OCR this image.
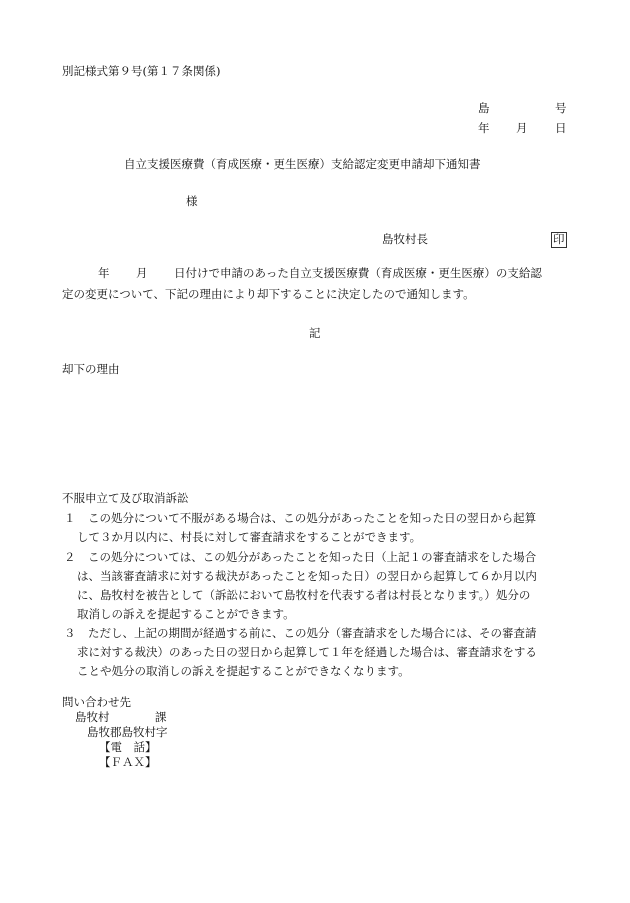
別記様式第９号(第１７条関係)
島	号
年 月 日
自立支援医療費（育成医療・更生医療）支給認定変更申請却下通知書
様
島牧村長	印
年 月 日付けで申請のあった自立支援医療費（育成医療・更生医療）の支給認
定の変更について、下記の理由により却下することに決定したので通知します。
記
却下の理由
不服申立て及び取消訴訟
１ この処分について不服がある場合は、この処分があったことを知った日の翌日から起算
して３か月以内に、村長に対して審査請求をすることができます。
２ この処分については、この処分があったことを知った日（上記１の審査請求をした場合
は、当該審査請求に対する裁決があったことを知った日）の翌日から起算して６か月以内
に、島牧村を被告として（訴訟において島牧村を代表する者は村長となります。）処分の
取消しの訴えを提起することができます。
３ ただし、上記の期間が経過する前に、この処分（審査請求をした場合には、その審査請
求に対する裁決）のあった日の翌日から起算して１年を経過した場合は、審査請求をする
ことや処分の取消しの訴えを提起することができなくなります。
問い合わせ先
島牧村	課
島牧郡島牧村字
【電　話】
【ＦＡＸ】
